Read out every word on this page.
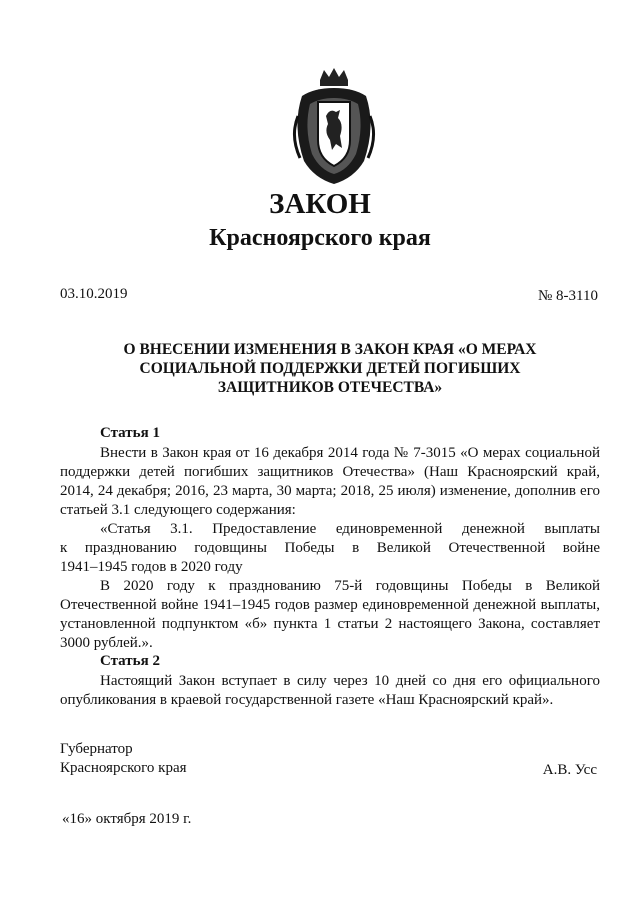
ЗАКОН
Красноярского края
03.10.2019	№ 8-3110
О ВНЕСЕНИИ ИЗМЕНЕНИЯ В ЗАКОН КРАЯ «О МЕРАХ
СОЦИАЛЬНОЙ ПОДДЕРЖКИ ДЕТЕЙ ПОГИБШИХ
ЗАЩИТНИКОВ ОТЕЧЕСТВА»
Статья 1
Внести в Закон края от 16 декабря 2014 года № 7-3015 «О мерах социальной
поддержки детей погибших защитников Отечества» (Наш Красноярский край,
2014, 24 декабря; 2016, 23 марта, 30 марта; 2018, 25 июля) изменение, дополнив его
статьей 3.1 следующего содержания:
«Статья 3.1. Предоставление единовременной денежной выплаты
к празднованию годовщины Победы в Великой Отечественной войне
1941–1945 годов в 2020 году
В 2020 году к празднованию 75-й годовщины Победы в Великой
Отечественной войне 1941–1945 годов размер единовременной денежной выплаты,
установленной подпунктом «б» пункта 1 статьи 2 настоящего Закона, составляет
3000 рублей.».
Статья 2
Настоящий Закон вступает в силу через 10 дней со дня его официального
опубликования в краевой государственной газете «Наш Красноярский край».
Губернатор
Красноярского края	А.В. Усс
«16» октября 2019 г.
